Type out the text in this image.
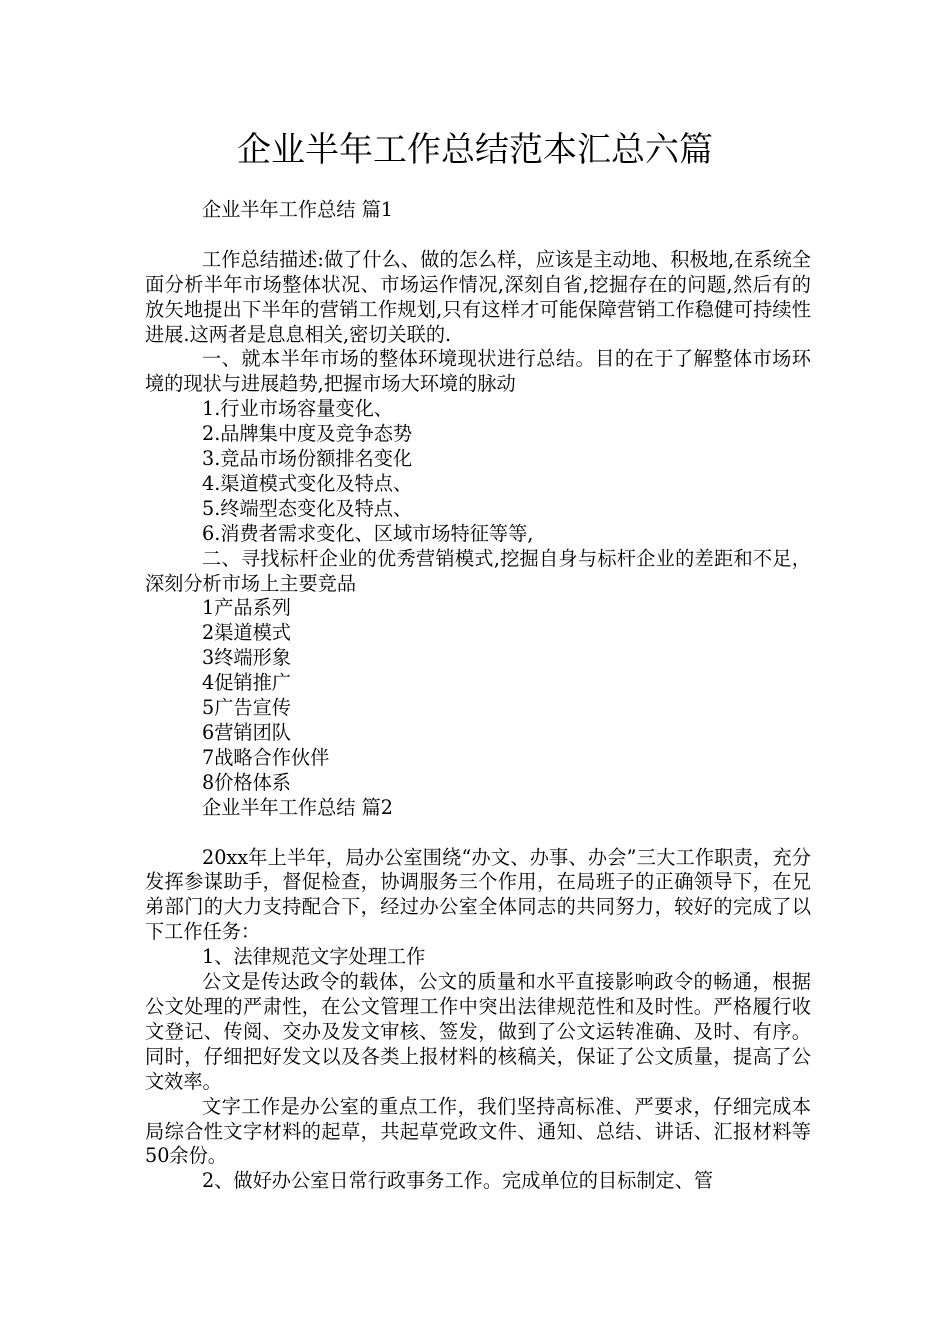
企业半年工作总结范本汇总六篇

企业半年工作总结 篇1

工作总结描述:做了什么、做的怎么样，应该是主动地、积极地,在系统全面分析半年市场整体状况、市场运作情况,深刻自省,挖掘存在的问题,然后有的放矢地提出下半年的营销工作规划,只有这样才可能保障营销工作稳健可持续性进展.这两者是息息相关,密切关联的.

一、就本半年市场的整体环境现状进行总结。目的在于了解整体市场环境的现状与进展趋势,把握市场大环境的脉动

1.行业市场容量变化、

2.品牌集中度及竞争态势

3.竞品市场份额排名变化

4.渠道模式变化及特点、

5.终端型态变化及特点、

6.消费者需求变化、区域市场特征等等,

二、寻找标杆企业的优秀营销模式,挖掘自身与标杆企业的差距和不足，深刻分析市场上主要竞品

1产品系列

2渠道模式

3终端形象

4促销推广

5广告宣传

6营销团队

7战略合作伙伴

8价格体系

企业半年工作总结 篇2

20xx年上半年，局办公室围绕“办文、办事、办会”三大工作职责，充分发挥参谋助手，督促检查，协调服务三个作用，在局班子的正确领导下，在兄弟部门的大力支持配合下，经过办公室全体同志的共同努力，较好的完成了以下工作任务：

1、法律规范文字处理工作

公文是传达政令的载体，公文的质量和水平直接影响政令的畅通，根据公文处理的严肃性，在公文管理工作中突出法律规范性和及时性。严格履行收文登记、传阅、交办及发文审核、签发，做到了公文运转准确、及时、有序。同时，仔细把好发文以及各类上报材料的核稿关，保证了公文质量，提高了公文效率。

文字工作是办公室的重点工作，我们坚持高标准、严要求，仔细完成本局综合性文字材料的起草，共起草党政文件、通知、总结、讲话、汇报材料等50余份。

2、做好办公室日常行政事务工作。完成单位的目标制定、管
